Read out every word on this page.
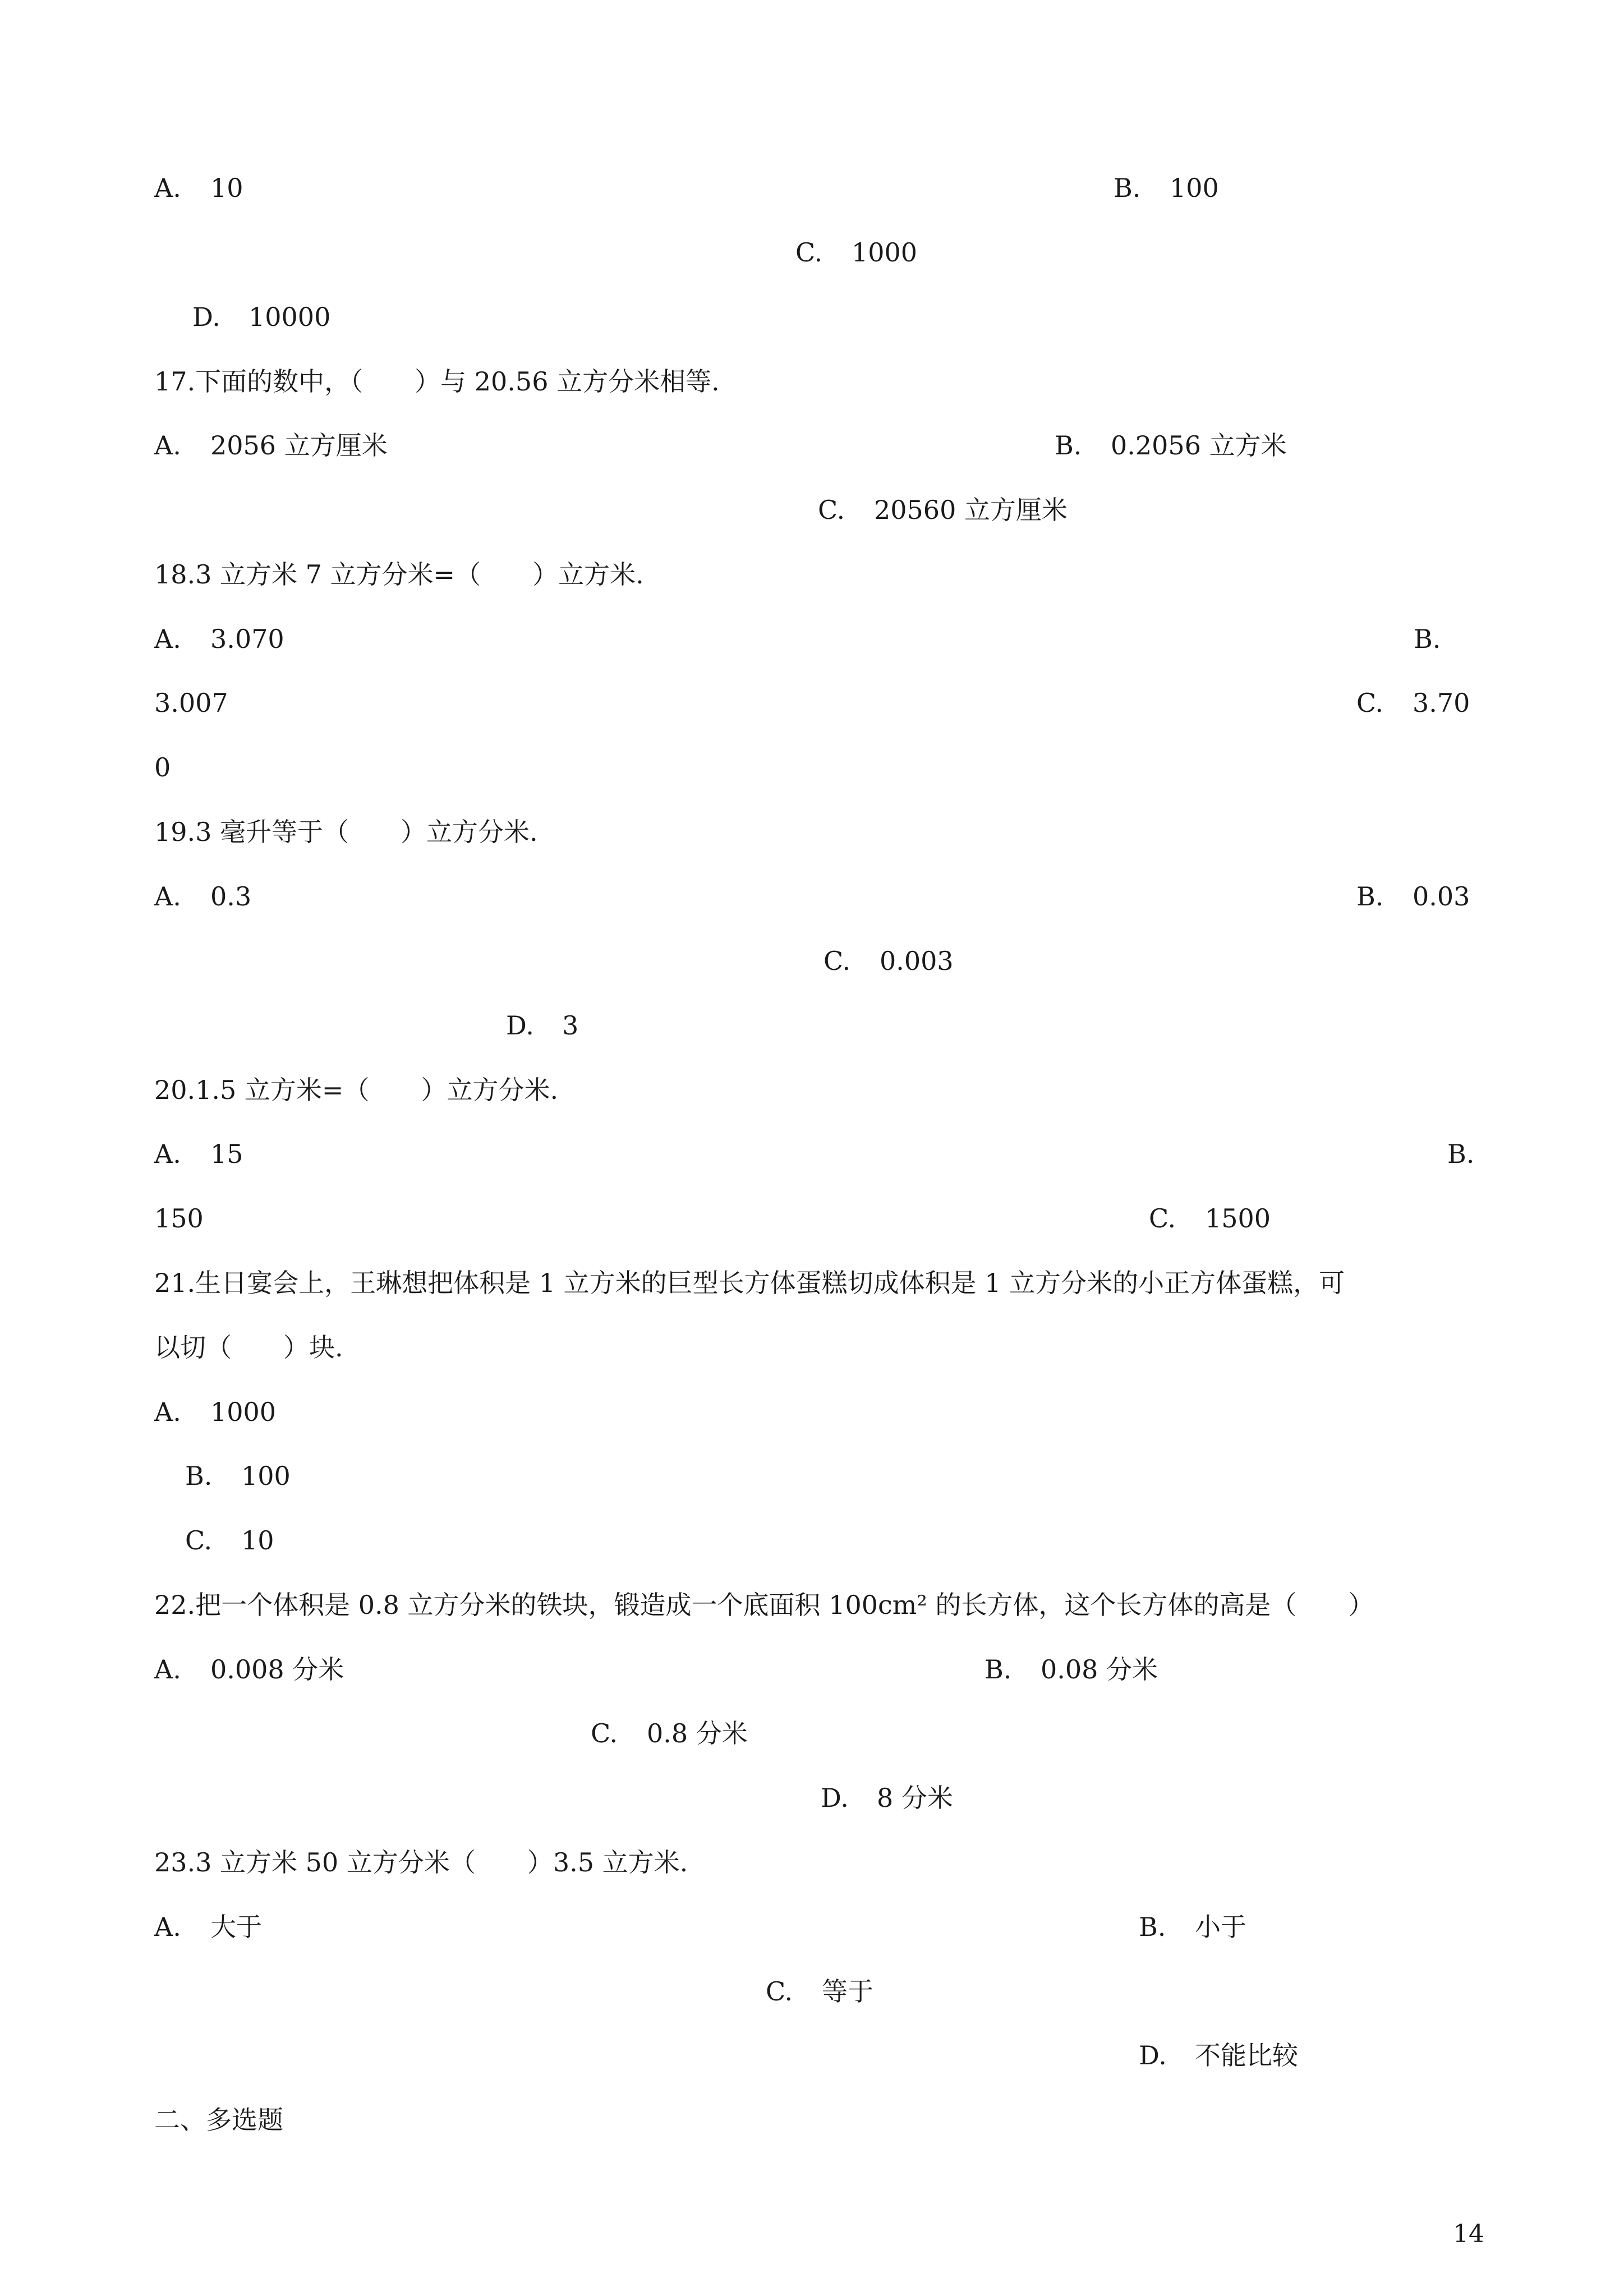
A. 10	B. 100
C. 1000
D. 10000
17.下面的数中，（　　）与 20.56 立方分米相等.
A. 2056 立方厘米	B. 0.2056 立方米
C. 20560 立方厘米
18.3 立方米 7 立方分米=（　　）立方米.
A. 3.070	B.
3.007	C. 3.70
0
19.3 毫升等于（　　）立方分米.
A. 0.3	B. 0.03
C. 0.003
D. 3
20.1.5 立方米=（　　）立方分米.
A. 15	B.
150	C. 1500
21.生日宴会上，王琳想把体积是 1 立方米的巨型长方体蛋糕切成体积是 1 立方分米的小正方体蛋糕，可
以切（　　）块.
A. 1000
B. 100
C. 10
22.把一个体积是 0.8 立方分米的铁块，锻造成一个底面积 100cm² 的长方体，这个长方体的高是（　　）
A. 0.008 分米	B. 0.08 分米
C. 0.8 分米
D. 8 分米
23.3 立方米 50 立方分米（　　）3.5 立方米.
A. 大于	B. 小于
C. 等于
D. 不能比较
二、多选题
14
